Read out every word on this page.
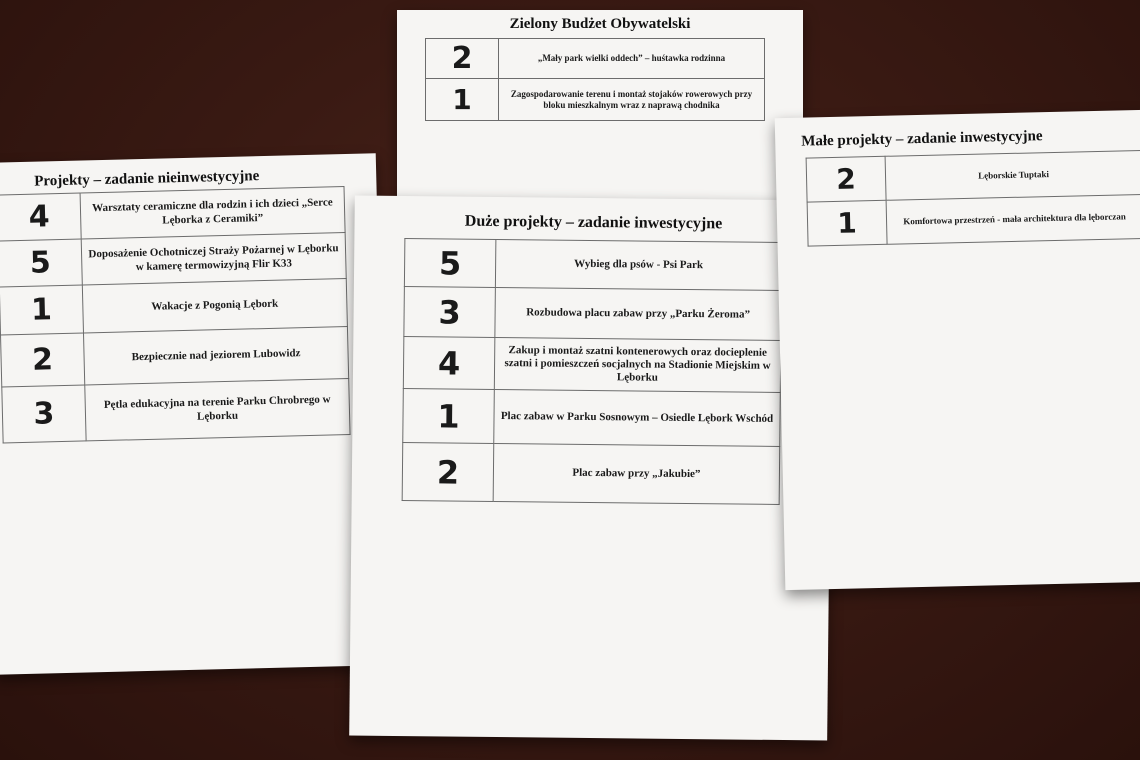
Projekty – zadanie nieinwestycyjne
4	Warsztaty ceramiczne dla rodzin i ich dzieci „Serce Lęborka z Ceramiki”
5	Doposażenie Ochotniczej Straży Pożarnej w Lęborku w kamerę termowizyjną Flir K33
1	Wakacje z Pogonią Lębork
2	Bezpiecznie nad jeziorem Lubowidz
3	Pętla edukacyjna na terenie Parku Chrobrego w Lęborku
Zielony Budżet Obywatelski
2	„Mały park wielki oddech” – huśtawka rodzinna
1	Zagospodarowanie terenu i montaż stojaków rowerowych przy bloku mieszkalnym wraz z naprawą chodnika
Duże projekty – zadanie inwestycyjne
5	Wybieg dla psów - Psi Park
3	Rozbudowa placu zabaw przy „Parku Żeroma”
4	Zakup i montaż szatni kontenerowych oraz docieplenie szatni i pomieszczeń socjalnych na Stadionie Miejskim w Lęborku
1	Plac zabaw w Parku Sosnowym – Osiedle Lębork Wschód
2	Plac zabaw przy „Jakubie”
Małe projekty – zadanie inwestycyjne
2	Lęborskie Tuptaki
1	Komfortowa przestrzeń - mała architektura dla lęborczan
